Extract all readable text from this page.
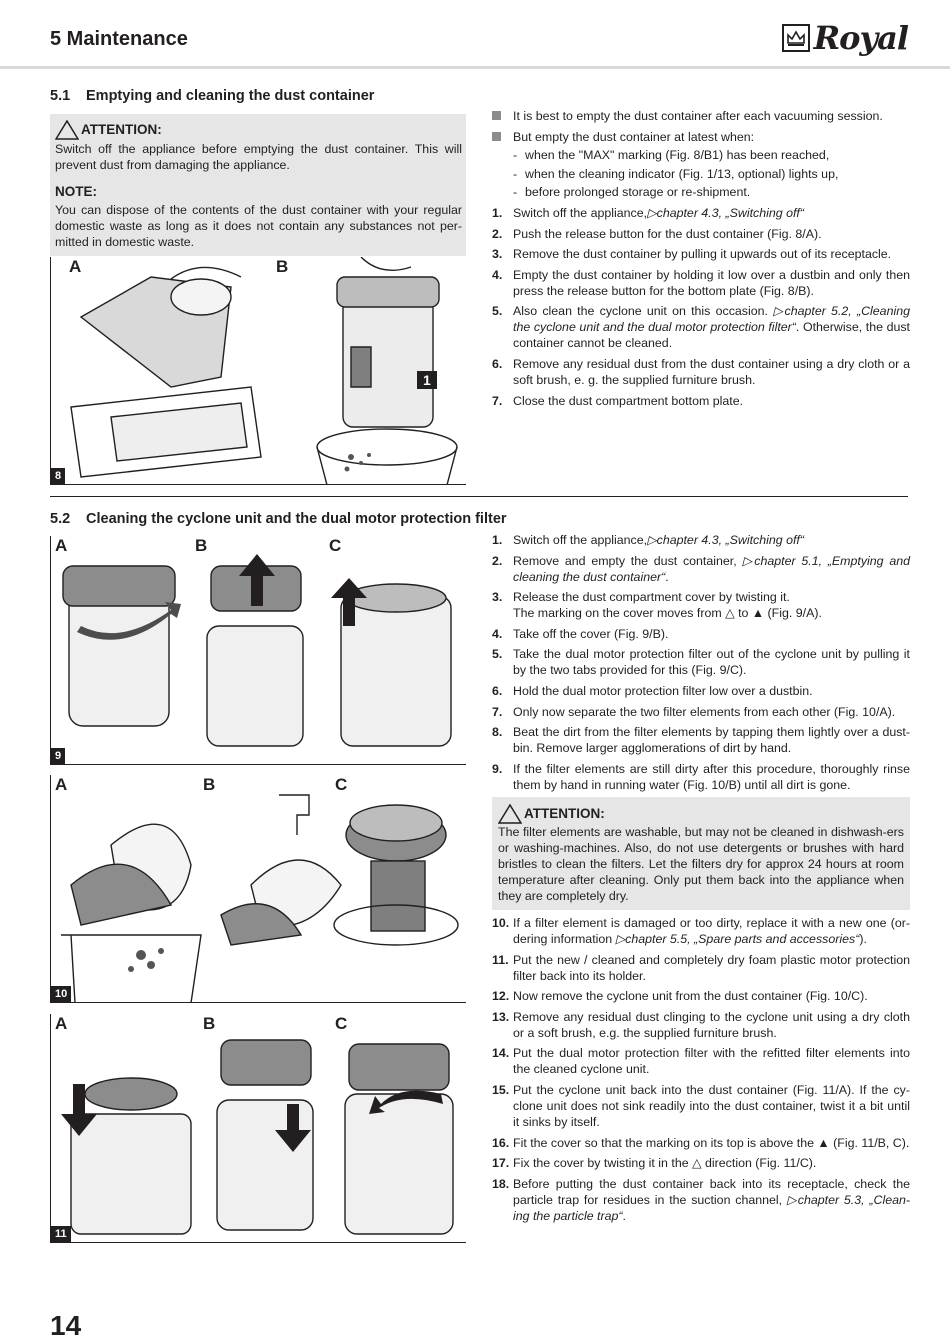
5 Maintenance	Royal
5.1 Emptying and cleaning the dust container
ATTENTION:
Switch off the appliance before emptying the dust container. This will prevent dust from damaging the appliance.
NOTE:
You can dispose of the contents of the dust container with your regular domestic waste as long as it does not contain any substances not per-mitted in domestic waste.
A	B
1
8
It is best to empty the dust container after each vacuuming session.
But empty the dust container at latest when:
- when the "MAX" marking (Fig. 8/B1) has been reached,
- when the cleaning indicator (Fig. 1/13, optional) lights up,
- before prolonged storage or re-shipment.
1. Switch off the appliance,▷chapter 4.3, „Switching off“
2. Push the release button for the dust container (Fig. 8/A).
3. Remove the dust container by pulling it upwards out of its receptacle.
4. Empty the dust container by holding it low over a dustbin and only then press the release button for the bottom plate (Fig. 8/B).
5. Also clean the cyclone unit on this occasion. ▷chapter 5.2, „Cleaning the cyclone unit and the dual motor protection filter“. Otherwise, the dust container cannot be cleaned.
6. Remove any residual dust from the dust container using a dry cloth or a soft brush, e. g. the supplied furniture brush.
7. Close the dust compartment bottom plate.
5.2 Cleaning the cyclone unit and the dual motor protection filter
A	B	C
9
A	B	C
10
A	B	C
11
1. Switch off the appliance,▷chapter 4.3, „Switching off“
2. Remove and empty the dust container, ▷chapter 5.1, „Emptying and cleaning the dust container“.
3. Release the dust compartment cover by twisting it.
The marking on the cover moves from △ to ▲ (Fig. 9/A).
4. Take off the cover (Fig. 9/B).
5. Take the dual motor protection filter out of the cyclone unit by pulling it by the two tabs provided for this (Fig. 9/C).
6. Hold the dual motor protection filter low over a dustbin.
7. Only now separate the two filter elements from each other (Fig. 10/A).
8. Beat the dirt from the filter elements by tapping them lightly over a dust-bin. Remove larger agglomerations of dirt by hand.
9. If the filter elements are still dirty after this procedure, thoroughly rinse them by hand in running water (Fig. 10/B) until all dirt is gone.
ATTENTION:
The filter elements are washable, but may not be cleaned in dishwash-ers or washing-machines. Also, do not use detergents or brushes with hard bristles to clean the filters. Let the filters dry for approx 24 hours at room temperature after cleaning. Only put them back into the appliance when they are completely dry.
10. If a filter element is damaged or too dirty, replace it with a new one (or-dering information ▷chapter 5.5, „Spare parts and accessories“).
11. Put the new / cleaned and completely dry foam plastic motor protection filter back into its holder.
12. Now remove the cyclone unit from the dust container (Fig. 10/C).
13. Remove any residual dust clinging to the cyclone unit using a dry cloth or a soft brush, e.g. the supplied furniture brush.
14. Put the dual motor protection filter with the refitted filter elements into the cleaned cyclone unit.
15. Put the cyclone unit back into the dust container (Fig. 11/A). If the cy-clone unit does not sink readily into the dust container, twist it a bit until it sinks by itself.
16. Fit the cover so that the marking on its top is above the ▲ (Fig. 11/B, C).
17. Fix the cover by twisting it in the △ direction (Fig. 11/C).
18. Before putting the dust container back into its receptacle, check the particle trap for residues in the suction channel, ▷chapter 5.3, „Clean-ing the particle trap“.
14
